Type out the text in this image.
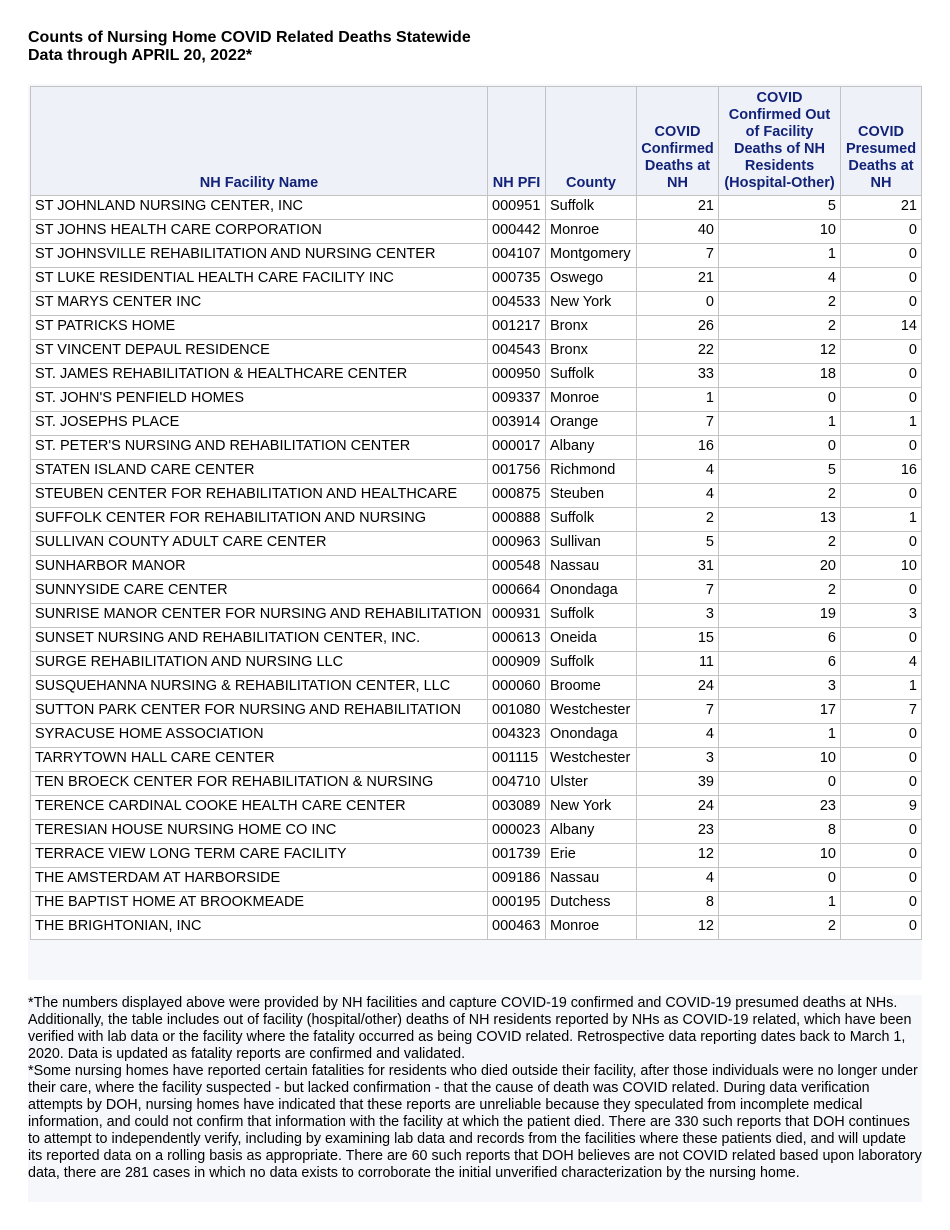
Counts of Nursing Home COVID Related Deaths Statewide
Data through APRIL 20, 2022*
NH Facility Name	NH PFI	County	COVID Confirmed Deaths at NH	COVID Confirmed Out of Facility Deaths of NH Residents (Hospital-Other)	COVID Presumed Deaths at NH
ST JOHNLAND NURSING CENTER, INC	000951	Suffolk	21	5	21
ST JOHNS HEALTH CARE CORPORATION	000442	Monroe	40	10	0
ST JOHNSVILLE REHABILITATION AND NURSING CENTER	004107	Montgomery	7	1	0
ST LUKE RESIDENTIAL HEALTH CARE FACILITY INC	000735	Oswego	21	4	0
ST MARYS CENTER INC	004533	New York	0	2	0
ST PATRICKS HOME	001217	Bronx	26	2	14
ST VINCENT DEPAUL RESIDENCE	004543	Bronx	22	12	0
ST. JAMES REHABILITATION & HEALTHCARE CENTER	000950	Suffolk	33	18	0
ST. JOHN'S PENFIELD HOMES	009337	Monroe	1	0	0
ST. JOSEPHS PLACE	003914	Orange	7	1	1
ST. PETER'S NURSING AND REHABILITATION CENTER	000017	Albany	16	0	0
STATEN ISLAND CARE CENTER	001756	Richmond	4	5	16
STEUBEN CENTER FOR REHABILITATION AND HEALTHCARE	000875	Steuben	4	2	0
SUFFOLK CENTER FOR REHABILITATION AND NURSING	000888	Suffolk	2	13	1
SULLIVAN COUNTY ADULT CARE CENTER	000963	Sullivan	5	2	0
SUNHARBOR MANOR	000548	Nassau	31	20	10
SUNNYSIDE CARE CENTER	000664	Onondaga	7	2	0
SUNRISE MANOR CENTER FOR NURSING AND REHABILITATION	000931	Suffolk	3	19	3
SUNSET NURSING AND REHABILITATION CENTER, INC.	000613	Oneida	15	6	0
SURGE REHABILITATION AND NURSING LLC	000909	Suffolk	11	6	4
SUSQUEHANNA NURSING & REHABILITATION CENTER, LLC	000060	Broome	24	3	1
SUTTON PARK CENTER FOR NURSING AND REHABILITATION	001080	Westchester	7	17	7
SYRACUSE HOME ASSOCIATION	004323	Onondaga	4	1	0
TARRYTOWN HALL CARE CENTER	001115	Westchester	3	10	0
TEN BROECK CENTER FOR REHABILITATION & NURSING	004710	Ulster	39	0	0
TERENCE CARDINAL COOKE HEALTH CARE CENTER	003089	New York	24	23	9
TERESIAN HOUSE NURSING HOME CO INC	000023	Albany	23	8	0
TERRACE VIEW LONG TERM CARE FACILITY	001739	Erie	12	10	0
THE AMSTERDAM AT HARBORSIDE	009186	Nassau	4	0	0
THE BAPTIST HOME AT BROOKMEADE	000195	Dutchess	8	1	0
THE BRIGHTONIAN, INC	000463	Monroe	12	2	0

*The numbers displayed above were provided by NH facilities and capture COVID-19 confirmed and COVID-19 presumed deaths at NHs. Additionally, the table includes out of facility (hospital/other) deaths of NH residents reported by NHs as COVID-19 related, which have been verified with lab data or the facility where the fatality occurred as being COVID related. Retrospective data reporting dates back to March 1, 2020. Data is updated as fatality reports are confirmed and validated.

*Some nursing homes have reported certain fatalities for residents who died outside their facility, after those individuals were no longer under their care, where the facility suspected - but lacked confirmation - that the cause of death was COVID related. During data verification attempts by DOH, nursing homes have indicated that these reports are unreliable because they speculated from incomplete medical information, and could not confirm that information with the facility at which the patient died. There are 330 such reports that DOH continues to attempt to independently verify, including by examining lab data and records from the facilities where these patients died, and will update its reported data on a rolling basis as appropriate. There are 60 such reports that DOH believes are not COVID related based upon laboratory data, there are 281 cases in which no data exists to corroborate the initial unverified characterization by the nursing home.
